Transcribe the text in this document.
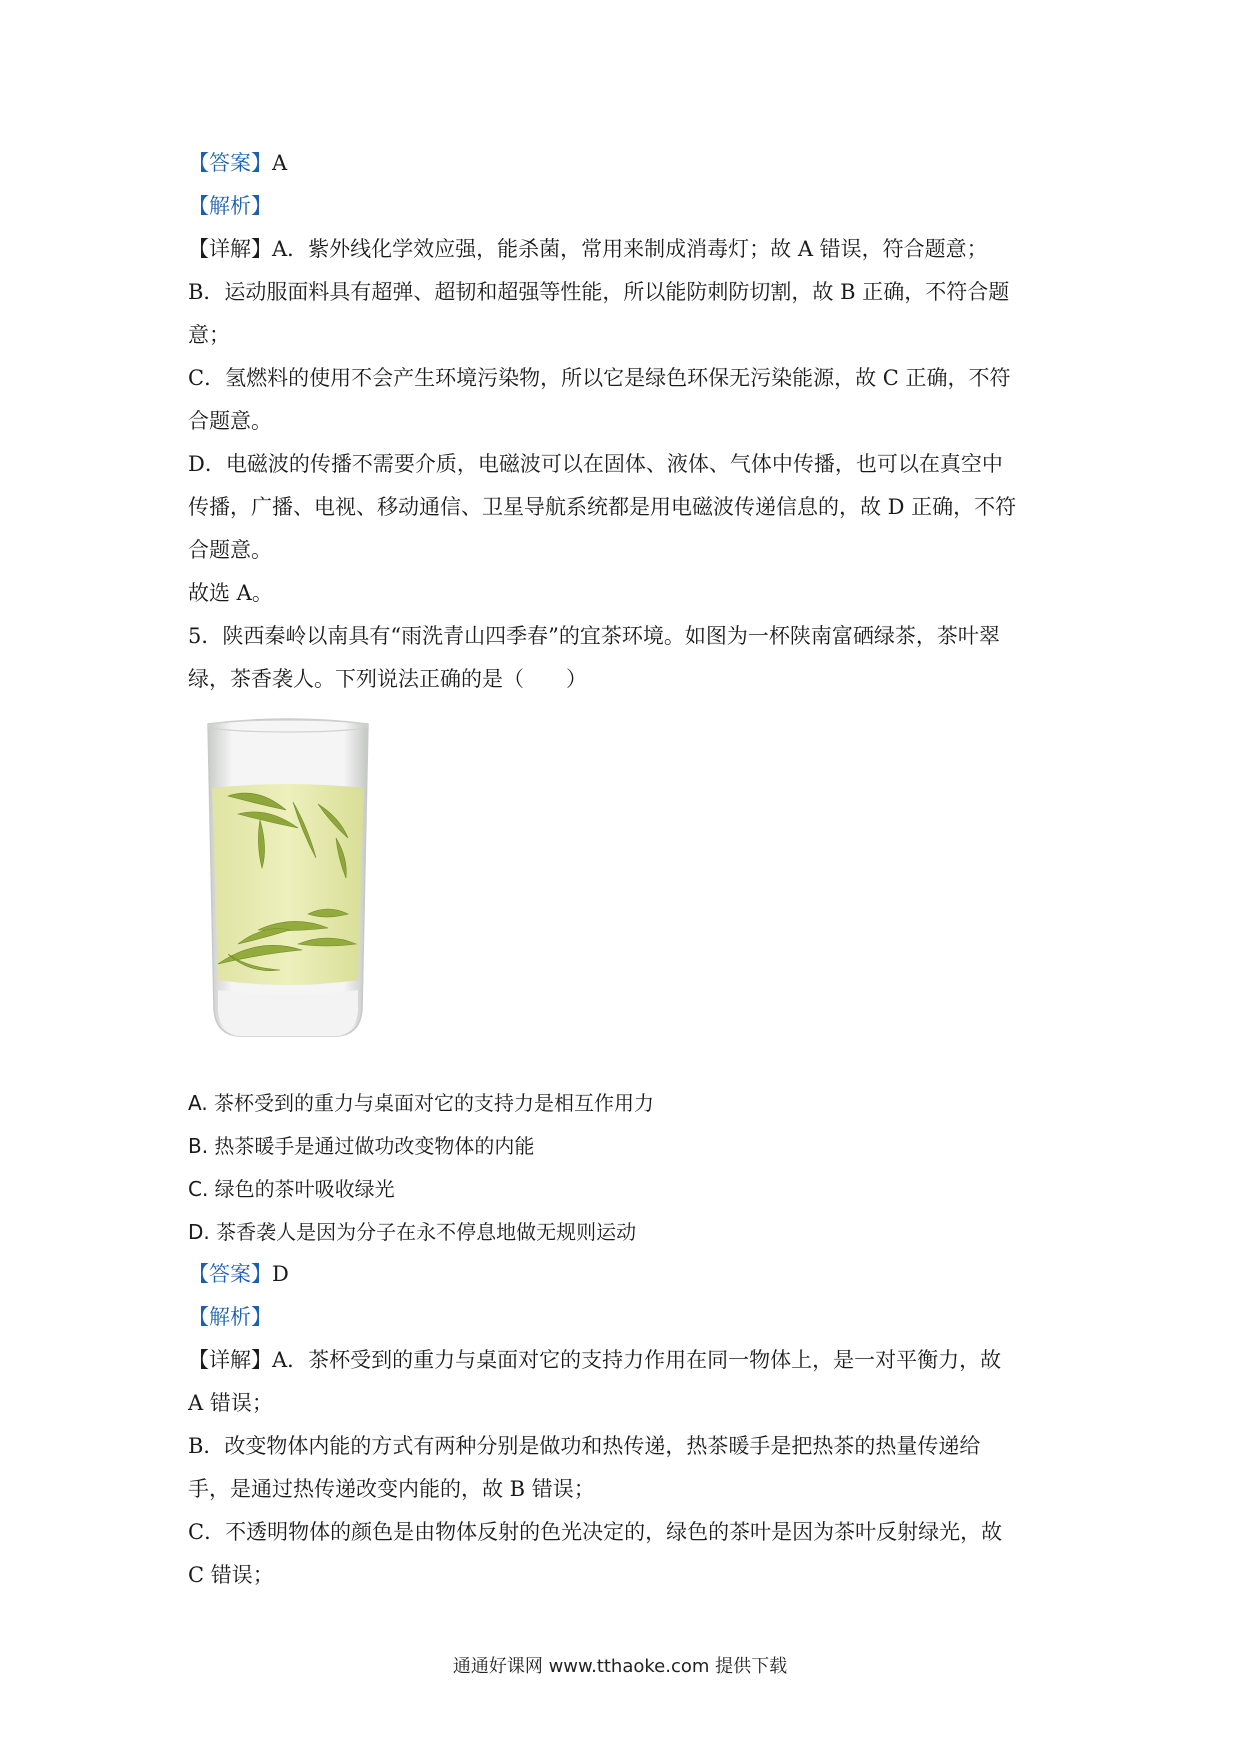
【答案】A
【解析】
【详解】A．紫外线化学效应强，能杀菌，常用来制成消毒灯；故 A 错误，符合题意；
B．运动服面料具有超弹、超韧和超强等性能，所以能防刺防切割，故 B 正确，不符合题
意；
C．氢燃料的使用不会产生环境污染物，所以它是绿色环保无污染能源，故 C 正确，不符
合题意。
D．电磁波的传播不需要介质，电磁波可以在固体、液体、气体中传播，也可以在真空中
传播，广播、电视、移动通信、卫星导航系统都是用电磁波传递信息的，故 D 正确，不符
合题意。
故选 A。
5．陕西秦岭以南具有“雨洗青山四季春”的宜茶环境。如图为一杯陕南富硒绿茶，茶叶翠
绿，茶香袭人。下列说法正确的是（　　）
A. 茶杯受到的重力与桌面对它的支持力是相互作用力
B. 热茶暖手是通过做功改变物体的内能
C. 绿色的茶叶吸收绿光
D. 茶香袭人是因为分子在永不停息地做无规则运动
【答案】D
【解析】
【详解】A．茶杯受到的重力与桌面对它的支持力作用在同一物体上，是一对平衡力，故
A 错误；
B．改变物体内能的方式有两种分别是做功和热传递，热茶暖手是把热茶的热量传递给
手，是通过热传递改变内能的，故 B 错误；
C．不透明物体的颜色是由物体反射的色光决定的，绿色的茶叶是因为茶叶反射绿光，故
C 错误；
通通好课网 www.tthaoke.com 提供下载
